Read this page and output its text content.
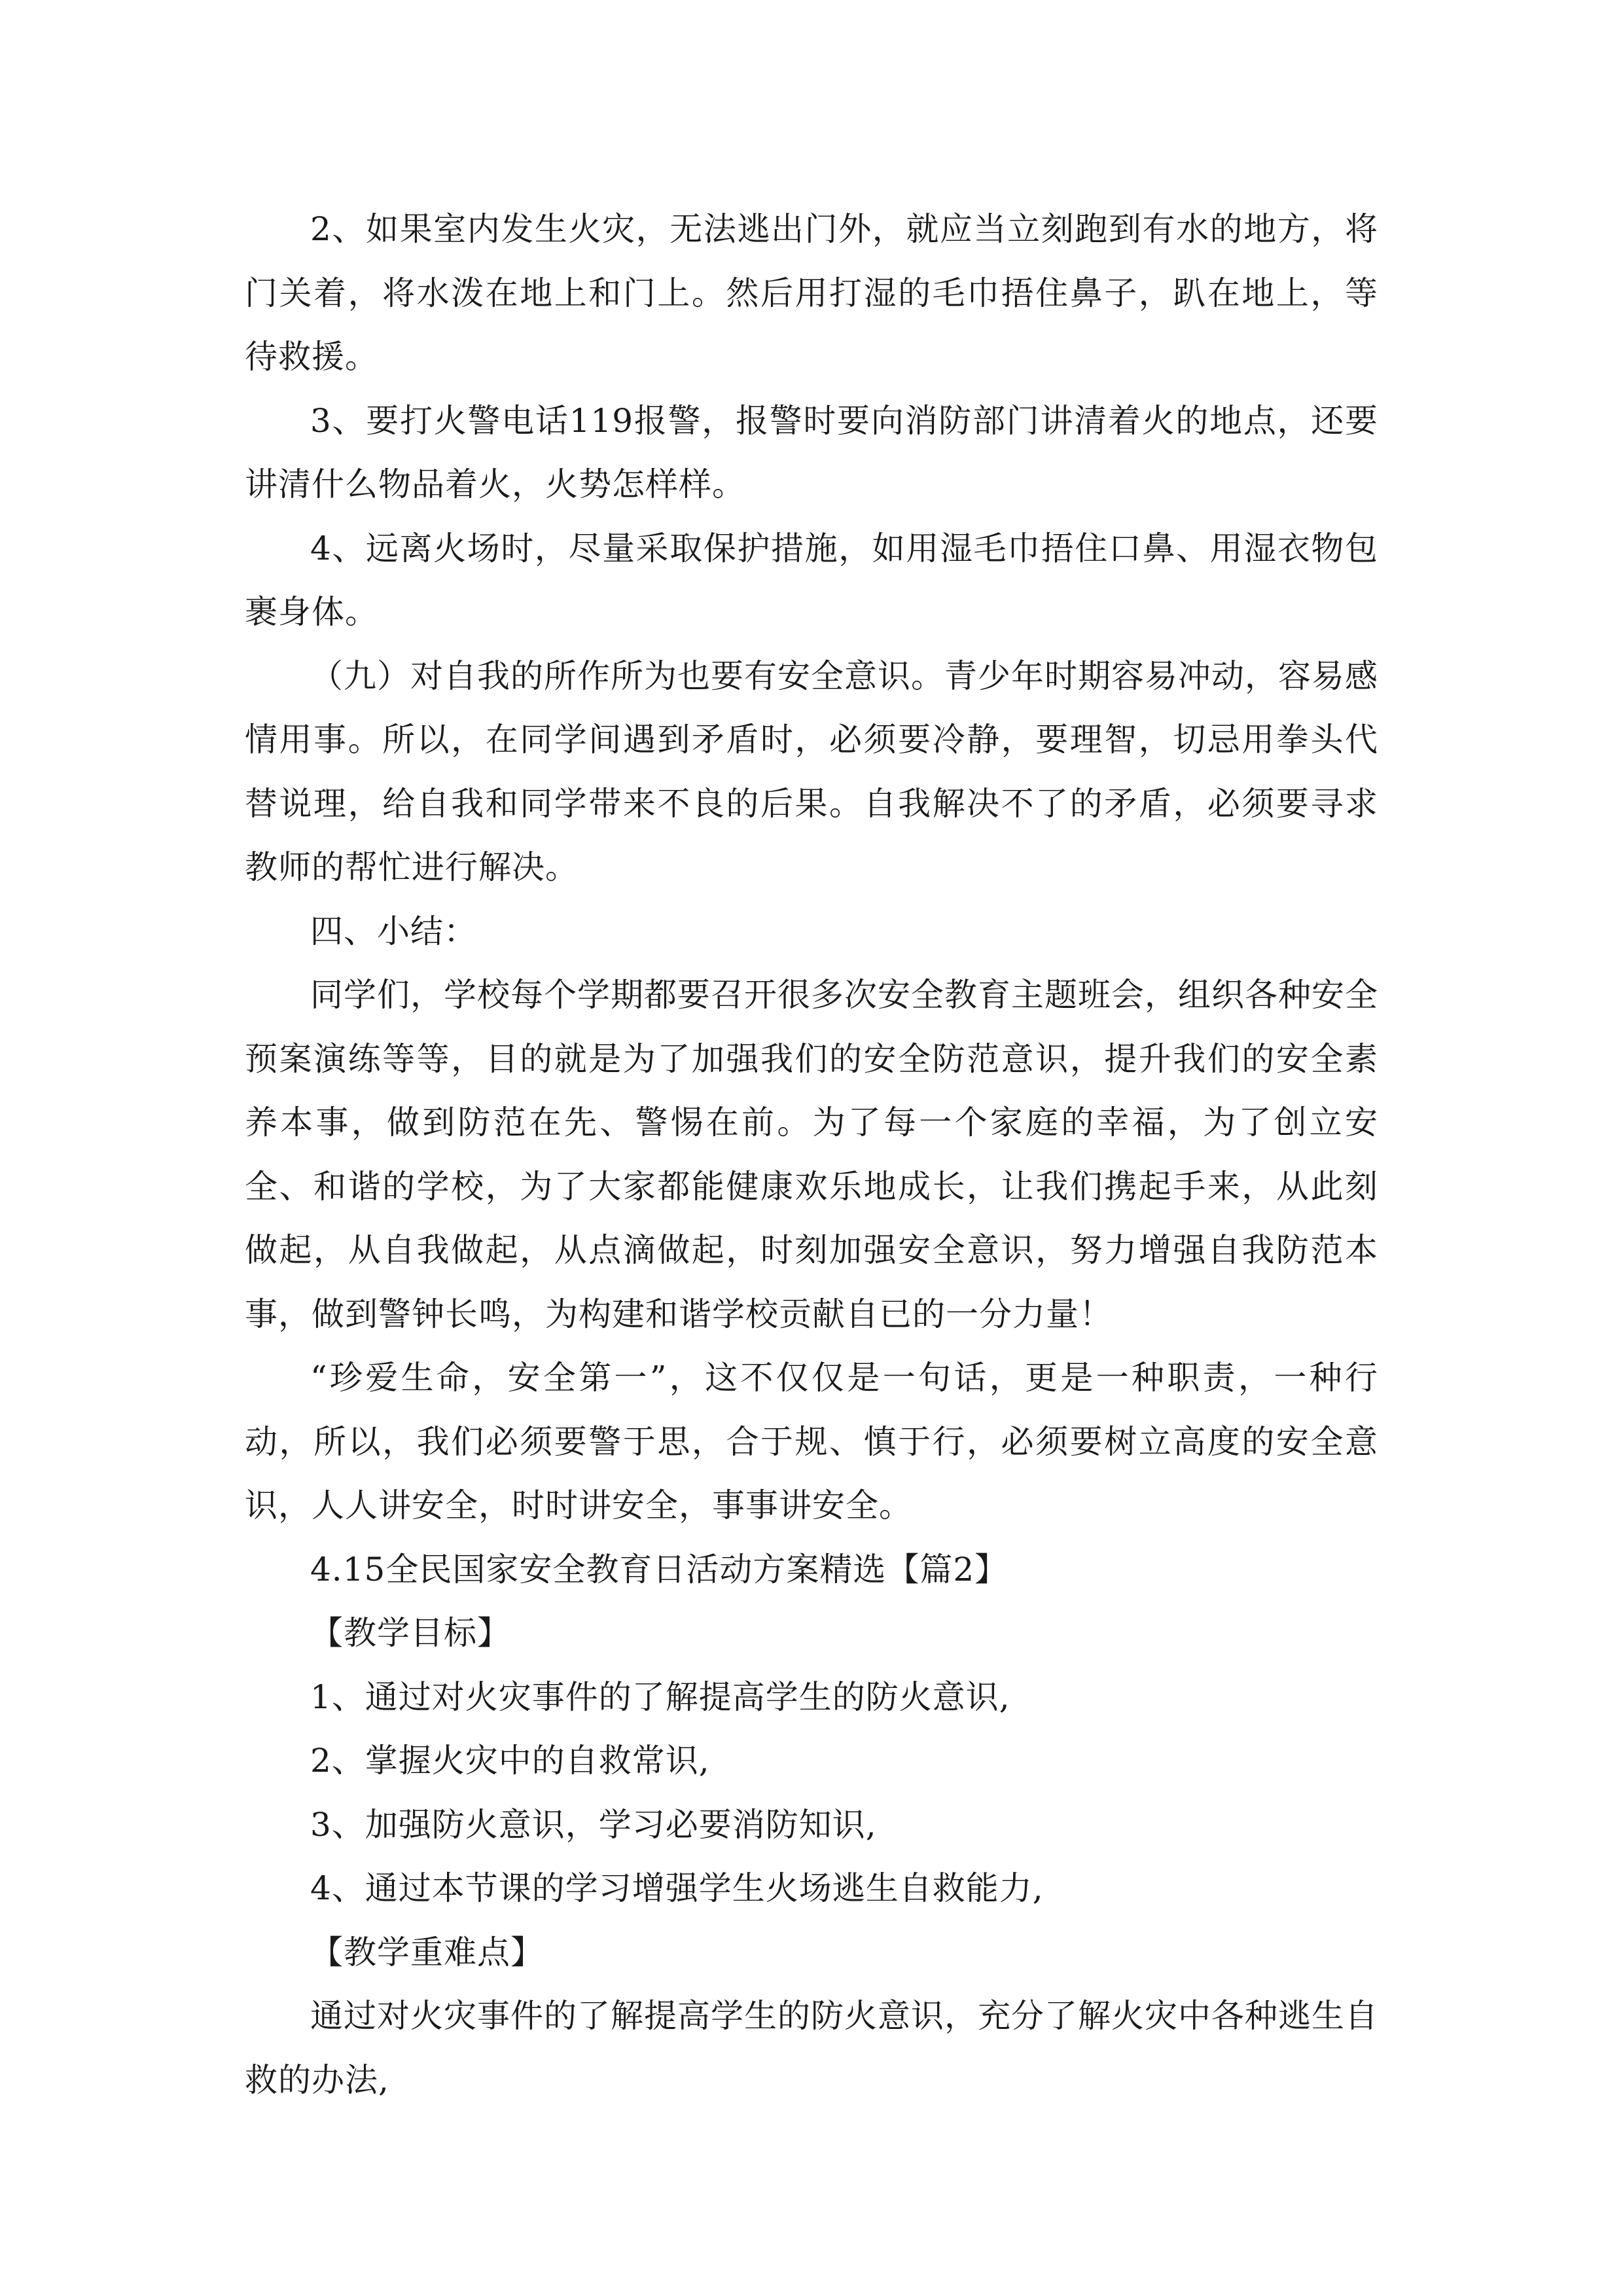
2、如果室内发生火灾，无法逃出门外，就应当立刻跑到有水的地方，将门关着，将水泼在地上和门上。然后用打湿的毛巾捂住鼻子，趴在地上，等待救援。

3、要打火警电话119报警，报警时要向消防部门讲清着火的地点，还要讲清什么物品着火，火势怎样样。

4、远离火场时，尽量采取保护措施，如用湿毛巾捂住口鼻、用湿衣物包裹身体。

（九）对自我的所作所为也要有安全意识。青少年时期容易冲动，容易感情用事。所以，在同学间遇到矛盾时，必须要冷静，要理智，切忌用拳头代替说理，给自我和同学带来不良的后果。自我解决不了的矛盾，必须要寻求教师的帮忙进行解决。

四、小结：

同学们，学校每个学期都要召开很多次安全教育主题班会，组织各种安全预案演练等等，目的就是为了加强我们的安全防范意识，提升我们的安全素养本事，做到防范在先、警惕在前。为了每一个家庭的幸福，为了创立安全、和谐的学校，为了大家都能健康欢乐地成长，让我们携起手来，从此刻做起，从自我做起，从点滴做起，时刻加强安全意识，努力增强自我防范本事，做到警钟长鸣，为构建和谐学校贡献自已的一分力量！

“珍爱生命，安全第一”，这不仅仅是一句话，更是一种职责，一种行动，所以，我们必须要警于思，合于规、慎于行，必须要树立高度的安全意识，人人讲安全，时时讲安全，事事讲安全。

4.15全民国家安全教育日活动方案精选【篇2】

【教学目标】

1、通过对火灾事件的了解提高学生的防火意识,

2、掌握火灾中的自救常识,

3、加强防火意识，学习必要消防知识,

4、通过本节课的学习增强学生火场逃生自救能力,

【教学重难点】

通过对火灾事件的了解提高学生的防火意识，充分了解火灾中各种逃生自救的办法,
